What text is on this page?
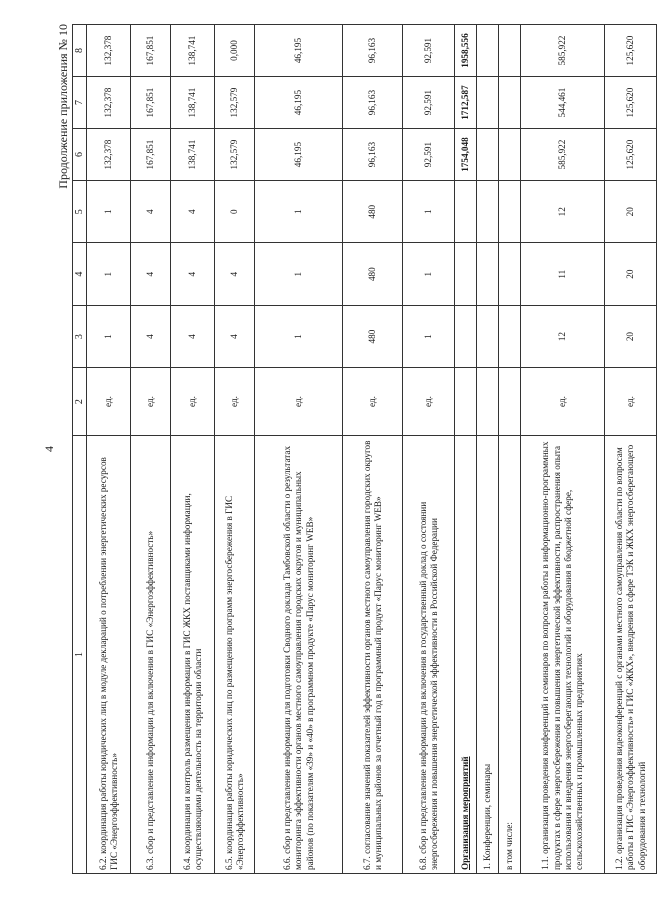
4
Продолжение приложения № 10
1	2	3	4	5	6	7	8
6.2. координация работы юридических лиц в модуле деклараций о потреблении энергетических ресурсов ГИС «Энергоэффективность»	ед.	1	1	1	132,378	132,378	132,378
6.3. сбор и представление информации для включения в ГИС «Энергоэффективность»	ед.	4	4	4	167,851	167,851	167,851
6.4. координация и контроль размещения информации в ГИС ЖКХ поставщиками информации, осуществляющими деятельность на территории области	ед.	4	4	4	138,741	138,741	138,741
6.5. координация работы юридических лиц по размещению программ энергосбережения в ГИС «Энергоэффективность»	ед.	4	4	0	132,579	132,579	0,000
6.6. сбор и представление информации для подготовки Сводного доклада Тамбовской области о результатах мониторинга эффективности органов местного самоуправления городских округов и муниципальных районов (по показателям «39» и «40» в программном продукте «Парус мониторинг WEB»	ед.	1	1	1	46,195	46,195	46,195
6.7. согласование значений показателей эффективности органов местного самоуправления городских округов и муниципальных районов за отчетный год в программный продукт «Парус мониторинг WEB»	ед.	480	480	480	96,163	96,163	96,163
6.8. сбор и представление информации для включения в государственный доклад о состоянии энергосбережения и повышения энергетической эффективности в Российской Федерации	ед.	1	1	1	92,591	92,591	92,591
Организация мероприятий					1754,048	1712,587	1958,556
1. Конференции, семинары							
в том числе:							
1.1. организация проведения конференций и семинаров по вопросам работы в информационно-программных продуктах в сфере энергосбережения и повышения энергетической эффективности, распространения опыта использования и внедрения энергосберегающих технологий и оборудования в бюджетной сфере, сельскохозяйственных и промышленных предприятиях	ед.	12	11	12	585,922	544,461	585,922
1.2. организация проведения видеоконференций с органами местного самоуправления области по вопросам работы в ГИС «Энергоэффективность» и ГИС «ЖКХ», внедрения в сфере ТЭК и ЖКХ энергосберегающего оборудования и технологий	ед.	20	20	20	125,620	125,620	125,620
